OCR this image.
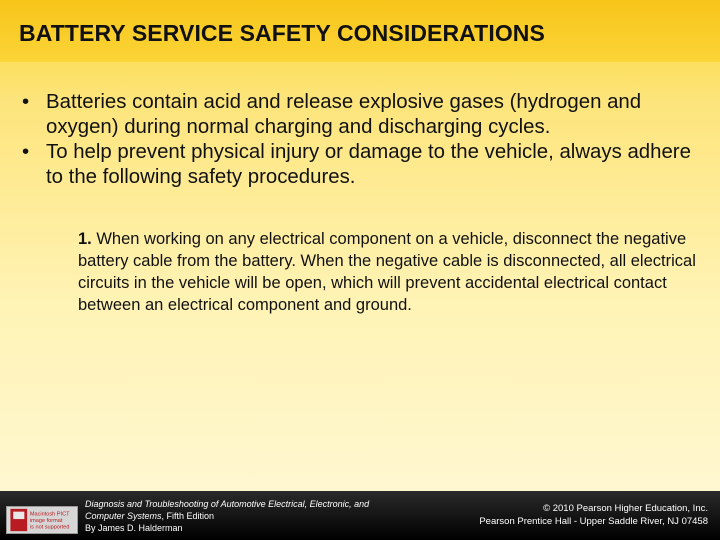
BATTERY SERVICE SAFETY CONSIDERATIONS
• Batteries contain acid and release explosive gases (hydrogen and oxygen) during normal charging and discharging cycles.
• To help prevent physical injury or damage to the vehicle, always adhere to the following safety procedures.
1. When working on any electrical component on a vehicle, disconnect the negative battery cable from the battery. When the negative cable is disconnected, all electrical circuits in the vehicle will be open, which will prevent accidental electrical contact between an electrical component and ground.
Macintosh PICT
image format
is not supported
Diagnosis and Troubleshooting of Automotive Electrical, Electronic, and Computer Systems, Fifth Edition
By James D. Halderman
© 2010 Pearson Higher Education, Inc.
Pearson Prentice Hall - Upper Saddle River, NJ 07458
